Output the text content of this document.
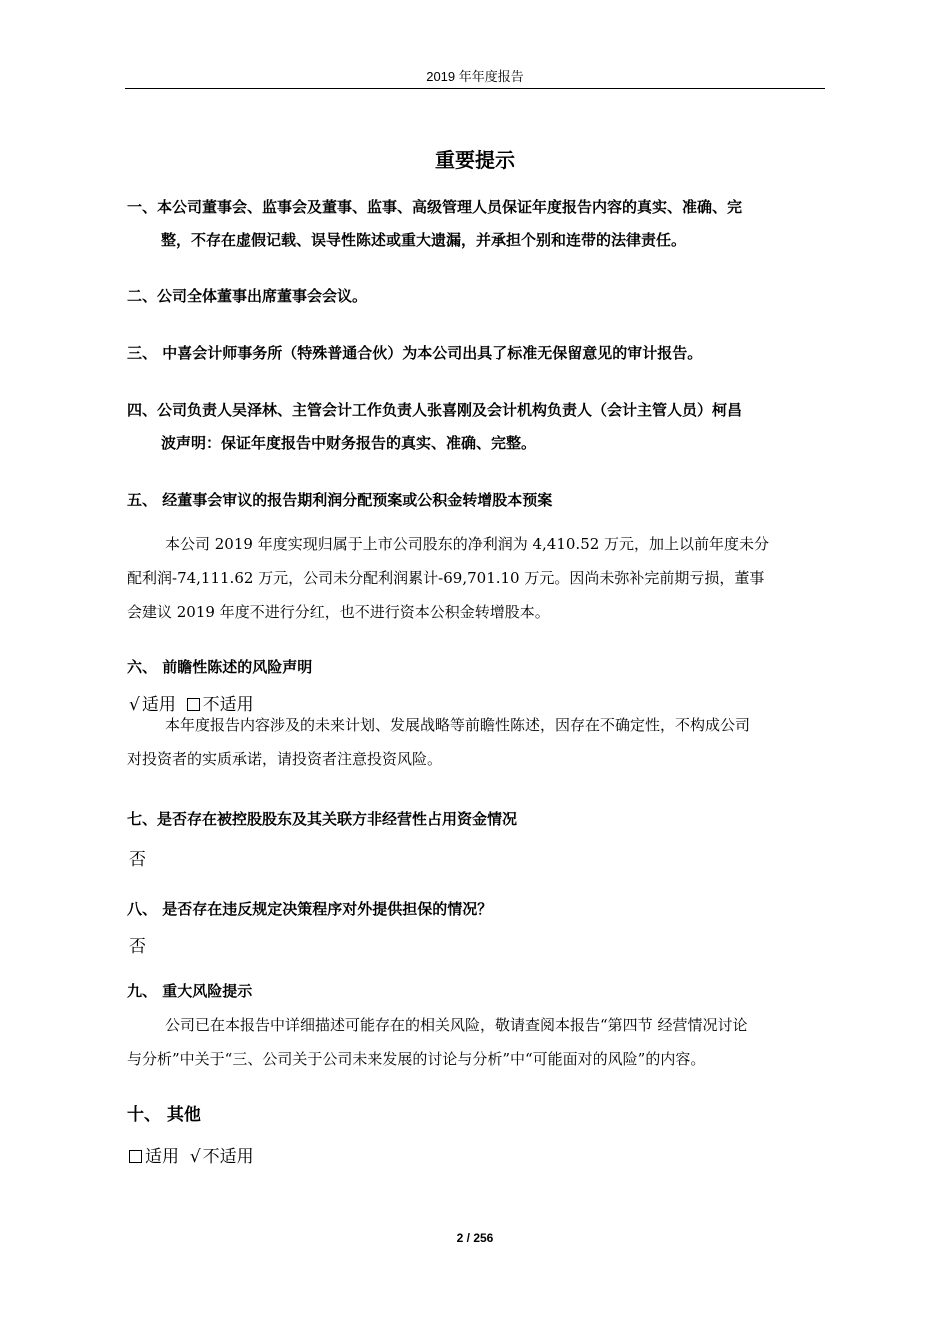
2019 年年度报告
重要提示
一、本公司董事会、监事会及董事、监事、高级管理人员保证年度报告内容的真实、准确、完
整，不存在虚假记载、误导性陈述或重大遗漏，并承担个别和连带的法律责任。
二、公司全体董事出席董事会会议。
三、 中喜会计师事务所（特殊普通合伙）为本公司出具了标准无保留意见的审计报告。
四、公司负责人吴泽林、主管会计工作负责人张喜刚及会计机构负责人（会计主管人员）柯昌
波声明：保证年度报告中财务报告的真实、准确、完整。
五、 经董事会审议的报告期利润分配预案或公积金转增股本预案
本公司 2019 年度实现归属于上市公司股东的净利润为 4,410.52 万元，加上以前年度未分
配利润-74,111.62 万元，公司未分配利润累计-69,701.10 万元。因尚未弥补完前期亏损，董事
会建议 2019 年度不进行分红，也不进行资本公积金转增股本。
六、 前瞻性陈述的风险声明
√ 适用 不适用
本年度报告内容涉及的未来计划、发展战略等前瞻性陈述，因存在不确定性，不构成公司
对投资者的实质承诺，请投资者注意投资风险。
七、是否存在被控股股东及其关联方非经营性占用资金情况
否
八、 是否存在违反规定决策程序对外提供担保的情况？
否
九、 重大风险提示
公司已在本报告中详细描述可能存在的相关风险，敬请查阅本报告“第四节 经营情况讨论
与分析”中关于“三、公司关于公司未来发展的讨论与分析”中“可能面对的风险”的内容。
十、 其他
适用 √ 不适用
2 / 256
